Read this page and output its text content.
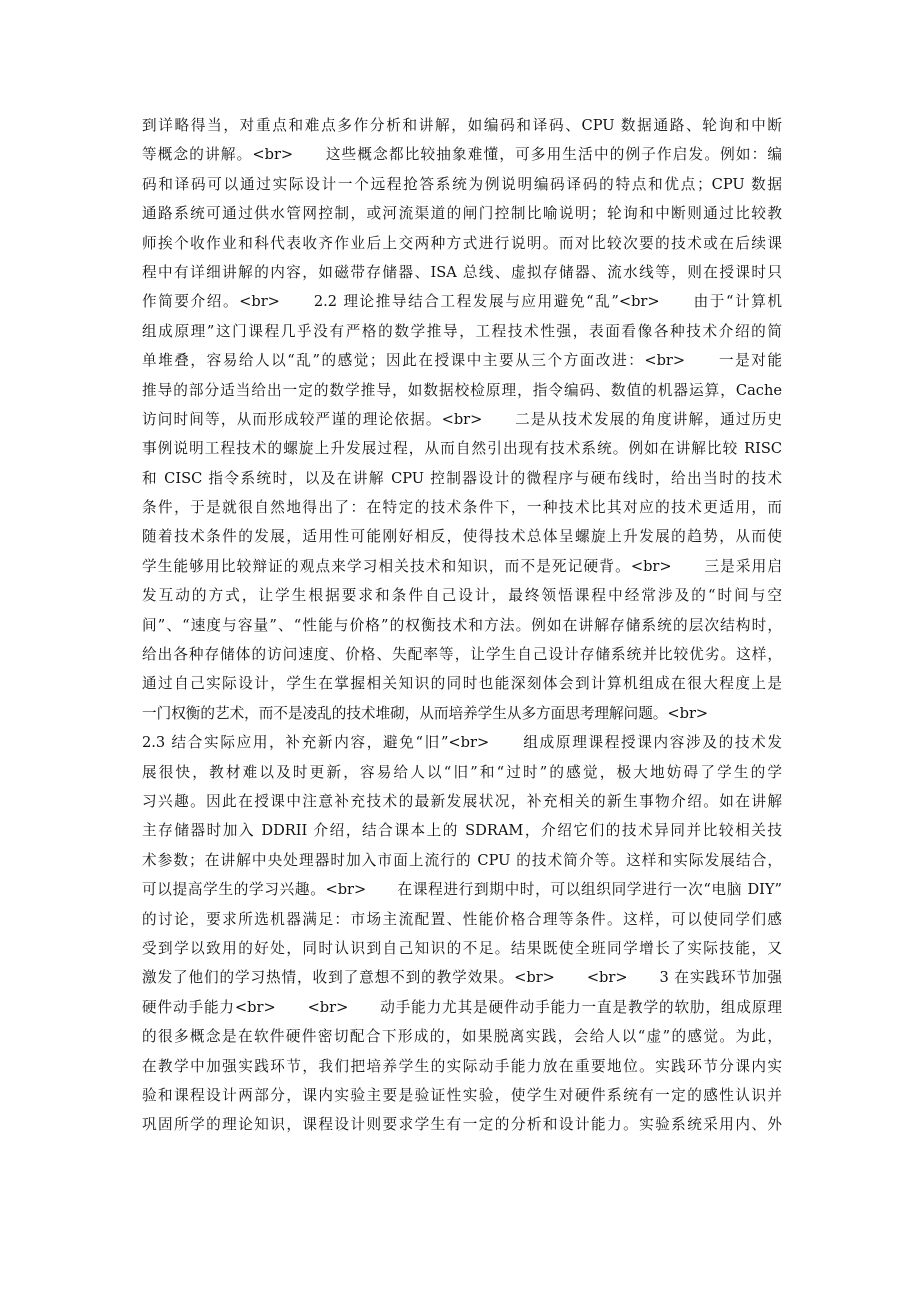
到详略得当，对重点和难点多作分析和讲解，如编码和译码、CPU 数据通路、轮询和中断
等概念的讲解。<br>　　这些概念都比较抽象难懂，可多用生活中的例子作启发。例如：编
码和译码可以通过实际设计一个远程抢答系统为例说明编码译码的特点和优点；CPU 数据
通路系统可通过供水管网控制，或河流渠道的闸门控制比喻说明；轮询和中断则通过比较教
师挨个收作业和科代表收齐作业后上交两种方式进行说明。而对比较次要的技术或在后续课
程中有详细讲解的内容，如磁带存储器、ISA 总线、虚拟存储器、流水线等，则在授课时只
作简要介绍。<br>　　2.2 理论推导结合工程发展与应用避免“乱”<br>　　由于“计算机
组成原理”这门课程几乎没有严格的数学推导，工程技术性强，表面看像各种技术介绍的简
单堆叠，容易给人以“乱”的感觉；因此在授课中主要从三个方面改进：<br>　　一是对能
推导的部分适当给出一定的数学推导，如数据校检原理，指令编码、数值的机器运算，Cache
访问时间等，从而形成较严谨的理论依据。<br>　　二是从技术发展的角度讲解，通过历史
事例说明工程技术的螺旋上升发展过程，从而自然引出现有技术系统。例如在讲解比较 RISC
和 CISC 指令系统时，以及在讲解 CPU 控制器设计的微程序与硬布线时，给出当时的技术
条件，于是就很自然地得出了：在特定的技术条件下，一种技术比其对应的技术更适用，而
随着技术条件的发展，适用性可能刚好相反，使得技术总体呈螺旋上升发展的趋势，从而使
学生能够用比较辩证的观点来学习相关技术和知识，而不是死记硬背。<br>　　三是采用启
发互动的方式，让学生根据要求和条件自己设计，最终领悟课程中经常涉及的“时间与空
间”、“速度与容量”、“性能与价格”的权衡技术和方法。例如在讲解存储系统的层次结构时，
给出各种存储体的访问速度、价格、失配率等，让学生自己设计存储系统并比较优劣。这样，
通过自己实际设计，学生在掌握相关知识的同时也能深刻体会到计算机组成在很大程度上是
一门权衡的艺术，而不是凌乱的技术堆砌，从而培养学生从多方面思考理解问题。<br>
2.3 结合实际应用，补充新内容，避免“旧”<br>　　组成原理课程授课内容涉及的技术发
展很快，教材难以及时更新，容易给人以“旧”和“过时”的感觉，极大地妨碍了学生的学
习兴趣。因此在授课中注意补充技术的最新发展状况，补充相关的新生事物介绍。如在讲解
主存储器时加入 DDRII 介绍，结合课本上的 SDRAM，介绍它们的技术异同并比较相关技
术参数；在讲解中央处理器时加入市面上流行的 CPU 的技术简介等。这样和实际发展结合，
可以提高学生的学习兴趣。<br>　　在课程进行到期中时，可以组织同学进行一次“电脑 DIY”
的讨论，要求所选机器满足：市场主流配置、性能价格合理等条件。这样，可以使同学们感
受到学以致用的好处，同时认识到自己知识的不足。结果既使全班同学增长了实际技能，又
激发了他们的学习热情，收到了意想不到的教学效果。<br>　　<br>　　3 在实践环节加强
硬件动手能力<br>　　<br>　　动手能力尤其是硬件动手能力一直是教学的软肋，组成原理
的很多概念是在软件硬件密切配合下形成的，如果脱离实践，会给人以“虚”的感觉。为此，
在教学中加强实践环节，我们把培养学生的实际动手能力放在重要地位。实践环节分课内实
验和课程设计两部分，课内实验主要是验证性实验，使学生对硬件系统有一定的感性认识并
巩固所学的理论知识，课程设计则要求学生有一定的分析和设计能力。实验系统采用内、外
